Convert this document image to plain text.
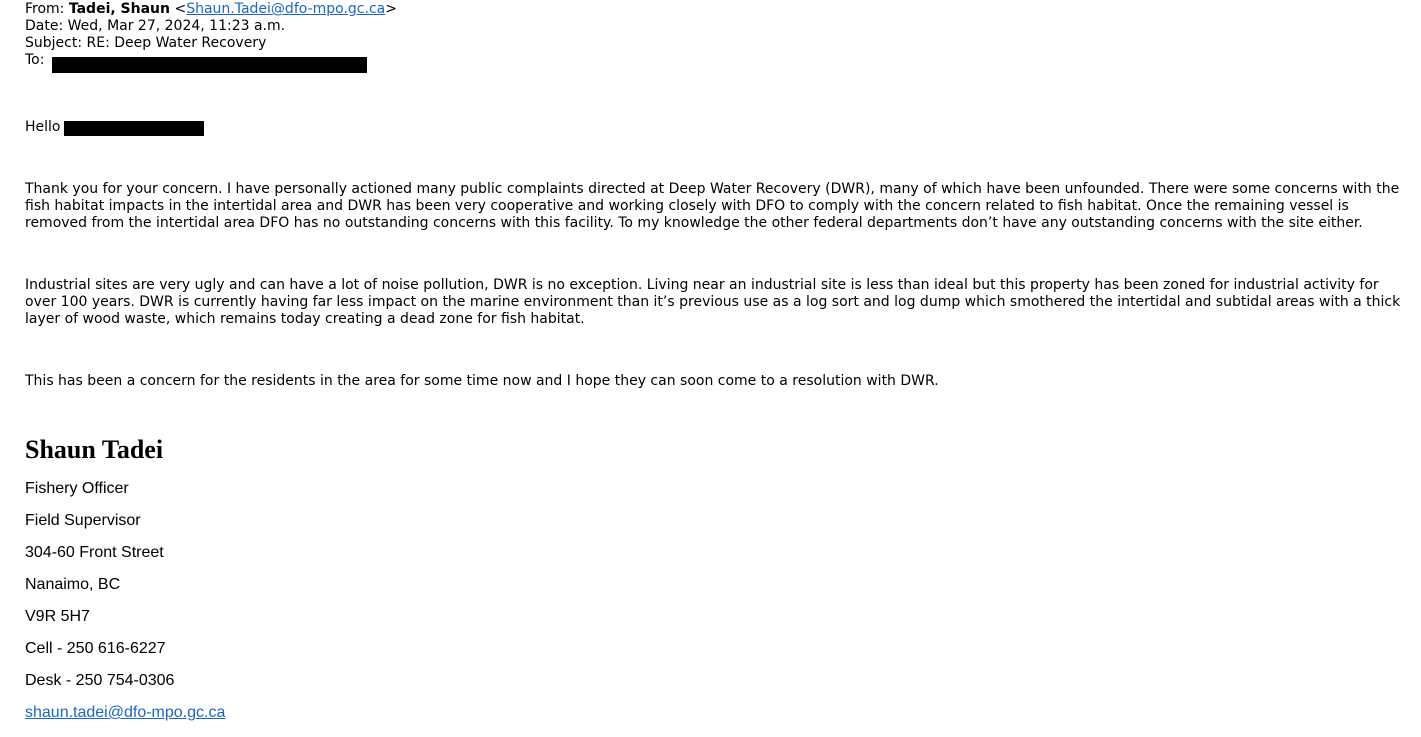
From: Tadei, Shaun <Shaun.Tadei@dfo-mpo.gc.ca>
Date: Wed, Mar 27, 2024, 11:23 a.m.
Subject: RE: Deep Water Recovery
To:
Hello

Thank you for your concern. I have personally actioned many public complaints directed at Deep Water Recovery (DWR), many of which have been unfounded. There were some concerns with the fish habitat impacts in the intertidal area and DWR has been very cooperative and working closely with DFO to comply with the concern related to fish habitat. Once the remaining vessel is removed from the intertidal area DFO has no outstanding concerns with this facility. To my knowledge the other federal departments don’t have any outstanding concerns with the site either.

Industrial sites are very ugly and can have a lot of noise pollution, DWR is no exception. Living near an industrial site is less than ideal but this property has been zoned for industrial activity for over 100 years. DWR is currently having far less impact on the marine environment than it’s previous use as a log sort and log dump which smothered the intertidal and subtidal areas with a thick layer of wood waste, which remains today creating a dead zone for fish habitat.

This has been a concern for the residents in the area for some time now and I hope they can soon come to a resolution with DWR.

Shaun Tadei
Fishery Officer
Field Supervisor
304-60 Front Street
Nanaimo, BC
V9R 5H7
Cell - 250 616-6227
Desk - 250 754-0306
shaun.tadei@dfo-mpo.gc.ca
